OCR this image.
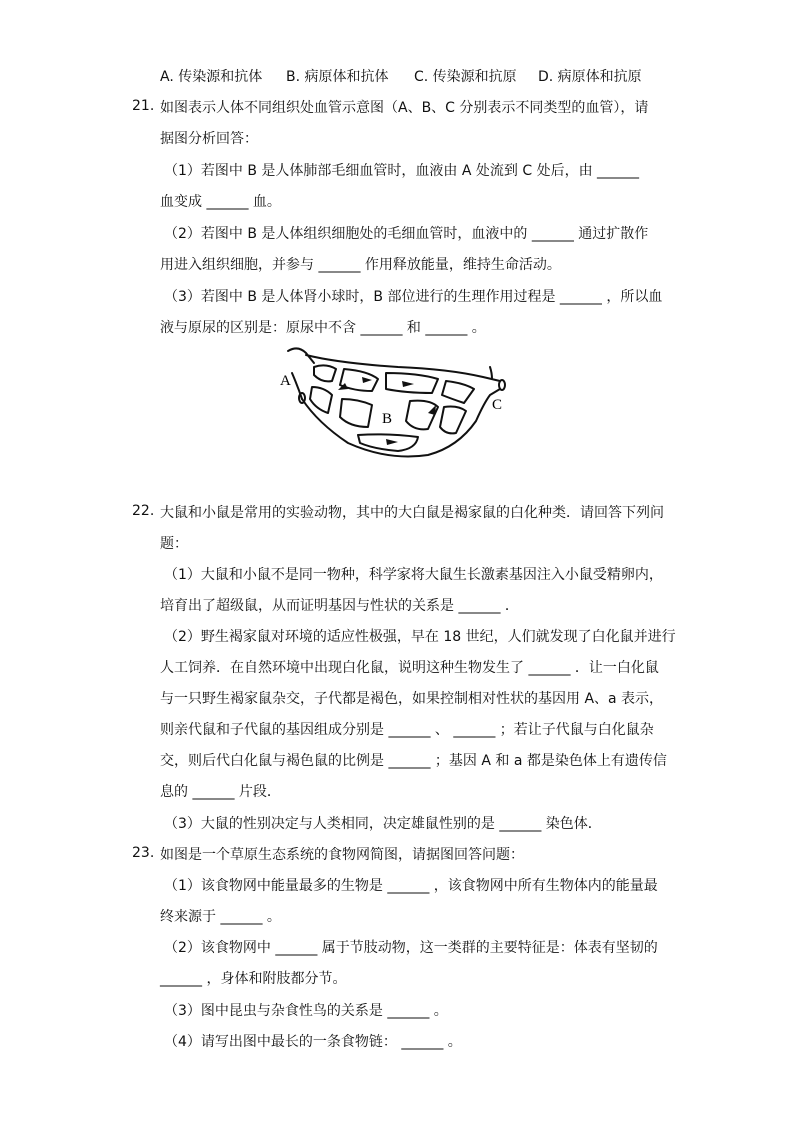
A. 传染源和抗体 B. 病原体和抗体 C. 传染源和抗原 D. 病原体和抗原
21. 如图表示人体不同组织处血管示意图（A、B、C 分别表示不同类型的血管），请
据图分析回答：
（1）若图中 B 是人体肺部毛细血管时，血液由 A 处流到 C 处后，由 ______
血变成 ______ 血。
（2）若图中 B 是人体组织细胞处的毛细血管时，血液中的 ______ 通过扩散作
用进入组织细胞，并参与 ______ 作用释放能量，维持生命活动。
（3）若图中 B 是人体肾小球时，B 部位进行的生理作用过程是 ______ ，所以血
液与原尿的区别是：原尿中不含 ______ 和 ______ 。
A
B
C
22. 大鼠和小鼠是常用的实验动物，其中的大白鼠是褐家鼠的白化种类．请回答下列问
题：
（1）大鼠和小鼠不是同一物种，科学家将大鼠生长激素基因注入小鼠受精卵内，
培育出了超级鼠，从而证明基因与性状的关系是 ______ ．
（2）野生褐家鼠对环境的适应性极强，早在 18 世纪，人们就发现了白化鼠并进行
人工饲养．在自然环境中出现白化鼠，说明这种生物发生了 ______ ．让一白化鼠
与一只野生褐家鼠杂交，子代都是褐色，如果控制相对性状的基因用 A、a 表示，
则亲代鼠和子代鼠的基因组成分别是 ______ 、 ______ ；若让子代鼠与白化鼠杂
交，则后代白化鼠与褐色鼠的比例是 ______ ；基因 A 和 a 都是染色体上有遗传信
息的 ______ 片段．
（3）大鼠的性别决定与人类相同，决定雄鼠性别的是 ______ 染色体．
23. 如图是一个草原生态系统的食物网简图，请据图回答问题：
（1）该食物网中能量最多的生物是 ______ ，该食物网中所有生物体内的能量最
终来源于 ______ 。
（2）该食物网中 ______ 属于节肢动物，这一类群的主要特征是：体表有坚韧的
______ ，身体和附肢都分节。
（3）图中昆虫与杂食性鸟的关系是 ______ 。
（4）请写出图中最长的一条食物链： ______ 。
